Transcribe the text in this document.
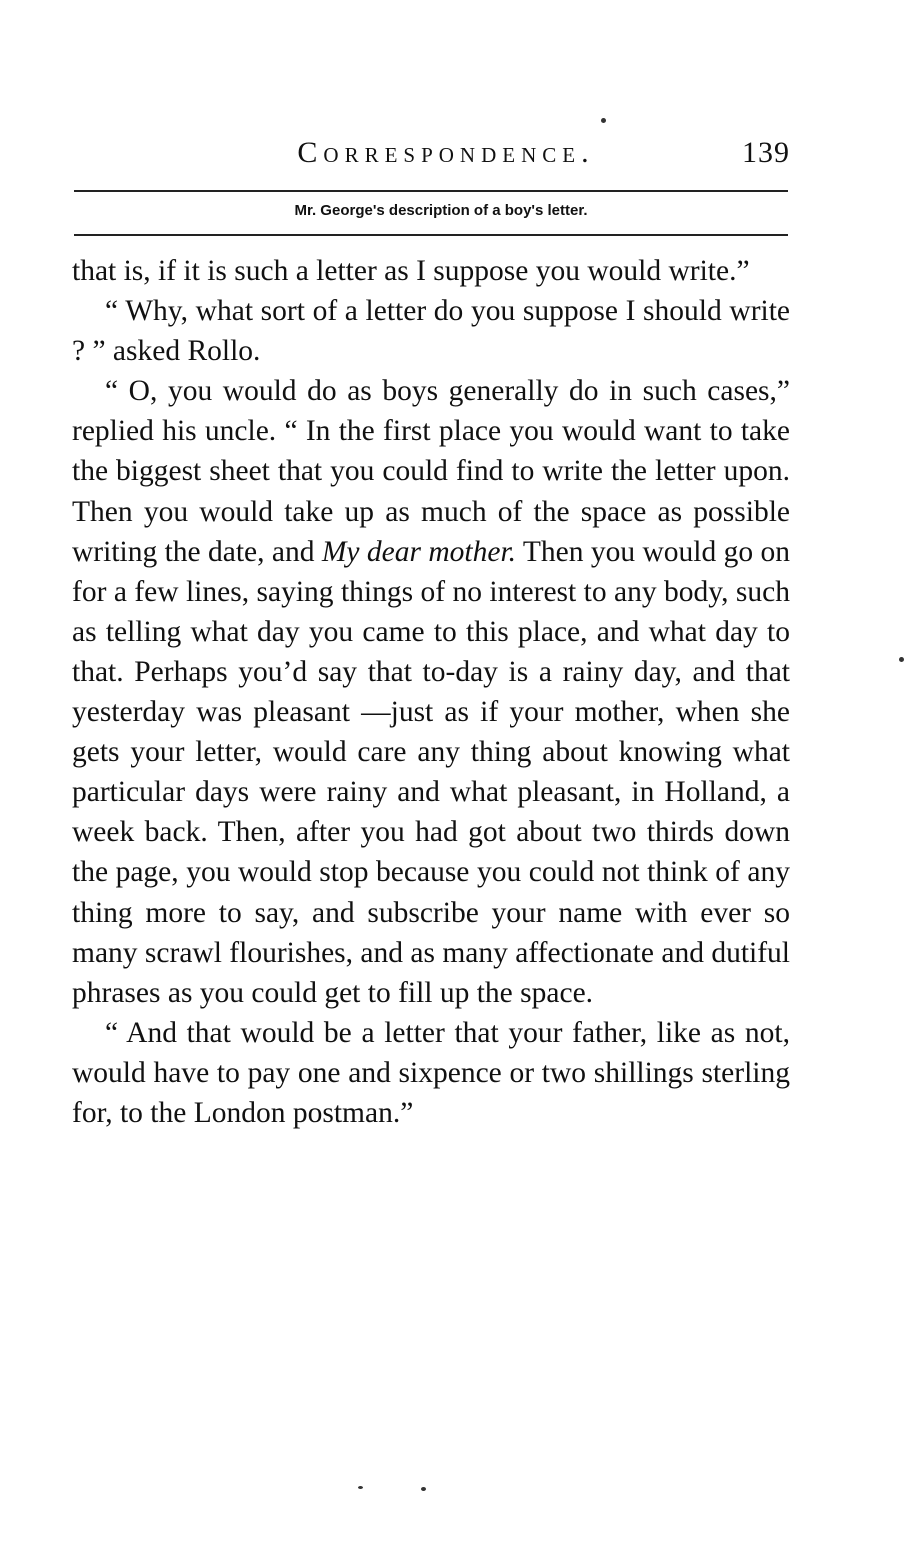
Correspondence.	139
Mr. George's description of a boy's letter.

that is, if it is such a letter as I suppose you would write.”

“ Why, what sort of a letter do you suppose I should write ? ” asked Rollo.

“ O, you would do as boys generally do in such cases,” replied his uncle. “ In the first place you would want to take the biggest sheet that you could find to write the letter upon. Then you would take up as much of the space as possible writing the date, and My dear mother. Then you would go on for a few lines, saying things of no interest to any body, such as telling what day you came to this place, and what day to that. Perhaps you’d say that to-day is a rainy day, and that yesterday was pleasant —just as if your mother, when she gets your letter, would care any thing about knowing what particular days were rainy and what pleasant, in Holland, a week back. Then, after you had got about two thirds down the page, you would stop because you could not think of any thing more to say, and subscribe your name with ever so many scrawl flourishes, and as many affectionate and dutiful phrases as you could get to fill up the space.

“ And that would be a letter that your father, like as not, would have to pay one and sixpence or two shillings sterling for, to the London postman.”
